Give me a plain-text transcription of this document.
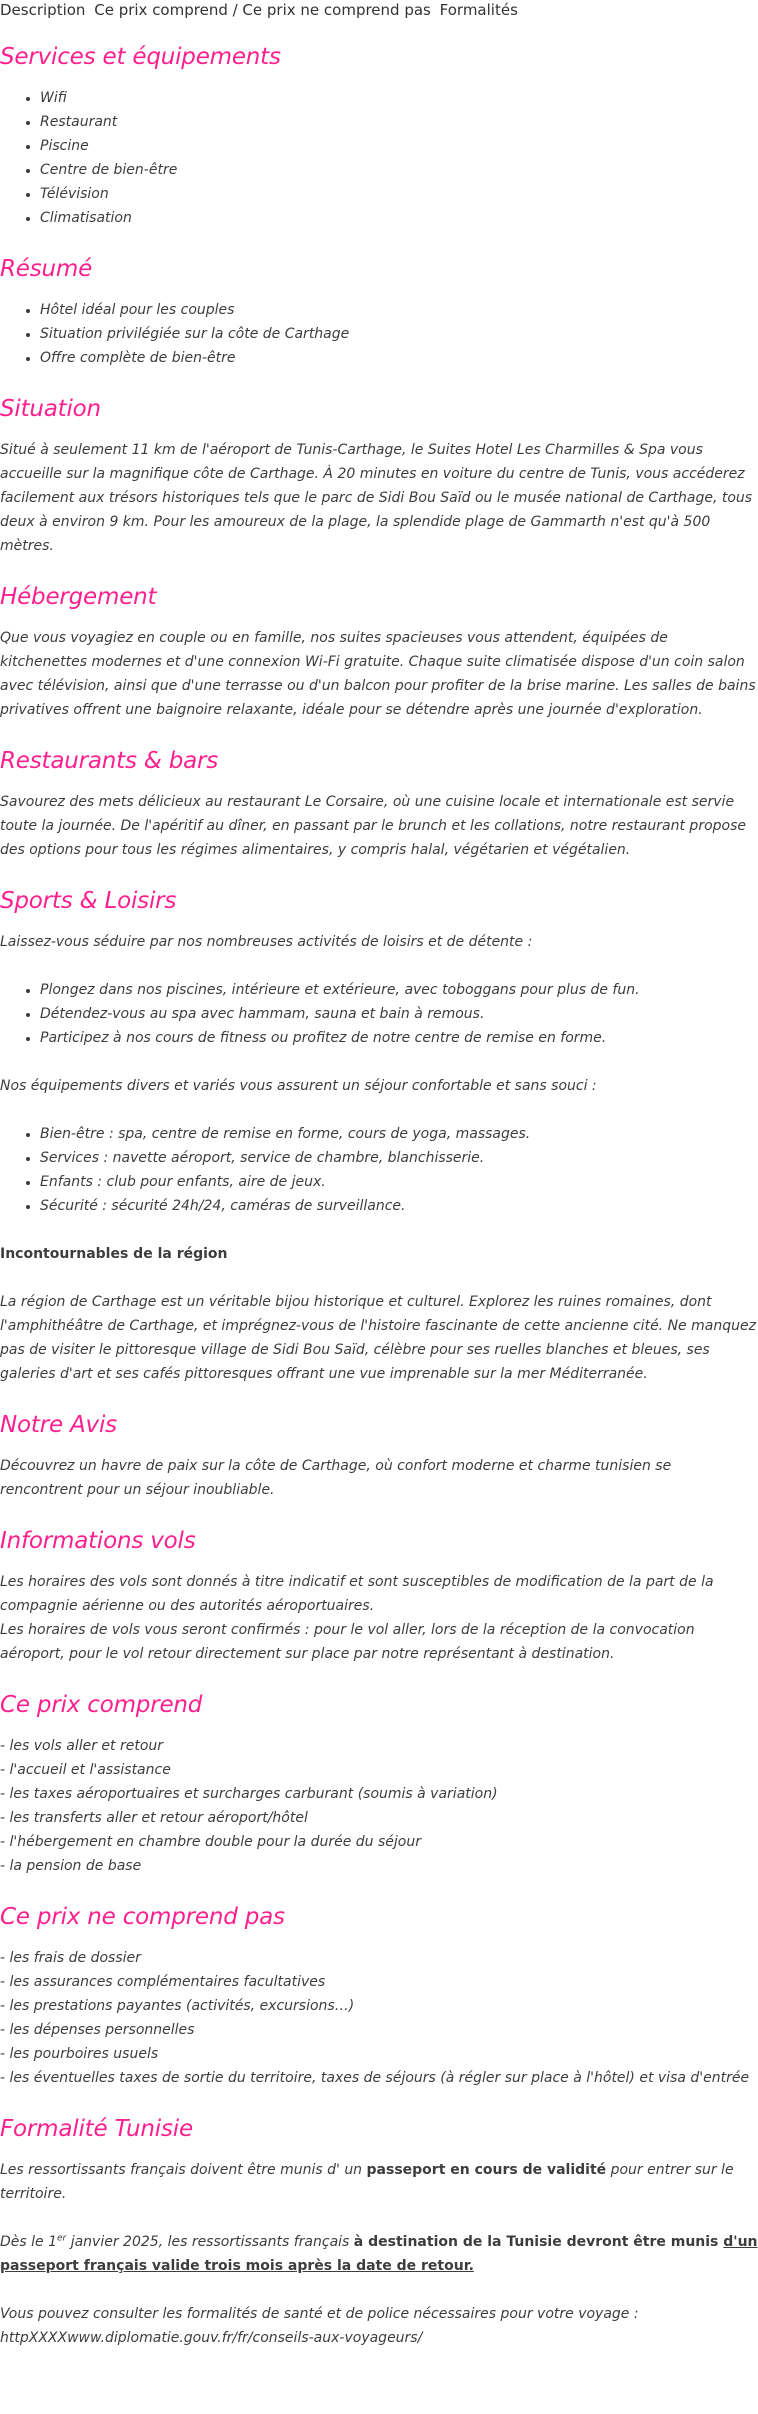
Description Ce prix comprend / Ce prix ne comprend pas Formalités
Services et équipements
• Wifi
• Restaurant
• Piscine
• Centre de bien-être
• Télévision
• Climatisation
Résumé
• Hôtel idéal pour les couples
• Situation privilégiée sur la côte de Carthage
• Offre complète de bien-être
Situation

Situé à seulement 11 km de l'aéroport de Tunis-Carthage, le Suites Hotel Les Charmilles & Spa vous accueille sur la magnifique côte de Carthage. À 20 minutes en voiture du centre de Tunis, vous accéderez facilement aux trésors historiques tels que le parc de Sidi Bou Saïd ou le musée national de Carthage, tous deux à environ 9 km. Pour les amoureux de la plage, la splendide plage de Gammarth n'est qu'à 500 mètres.

Hébergement

Que vous voyagiez en couple ou en famille, nos suites spacieuses vous attendent, équipées de kitchenettes modernes et d'une connexion Wi-Fi gratuite. Chaque suite climatisée dispose d'un coin salon avec télévision, ainsi que d'une terrasse ou d'un balcon pour profiter de la brise marine. Les salles de bains privatives offrent une baignoire relaxante, idéale pour se détendre après une journée d'exploration.

Restaurants & bars

Savourez des mets délicieux au restaurant Le Corsaire, où une cuisine locale et internationale est servie toute la journée. De l'apéritif au dîner, en passant par le brunch et les collations, notre restaurant propose des options pour tous les régimes alimentaires, y compris halal, végétarien et végétalien.

Sports & Loisirs

Laissez-vous séduire par nos nombreuses activités de loisirs et de détente :

• Plongez dans nos piscines, intérieure et extérieure, avec toboggans pour plus de fun.
• Détendez-vous au spa avec hammam, sauna et bain à remous.
• Participez à nos cours de fitness ou profitez de notre centre de remise en forme.

Nos équipements divers et variés vous assurent un séjour confortable et sans souci :

• Bien-être : spa, centre de remise en forme, cours de yoga, massages.
• Services : navette aéroport, service de chambre, blanchisserie.
• Enfants : club pour enfants, aire de jeux.
• Sécurité : sécurité 24h/24, caméras de surveillance.
Incontournables de la région

La région de Carthage est un véritable bijou historique et culturel. Explorez les ruines romaines, dont l'amphithéâtre de Carthage, et imprégnez-vous de l'histoire fascinante de cette ancienne cité. Ne manquez pas de visiter le pittoresque village de Sidi Bou Saïd, célèbre pour ses ruelles blanches et bleues, ses galeries d'art et ses cafés pittoresques offrant une vue imprenable sur la mer Méditerranée.

Notre Avis

Découvrez un havre de paix sur la côte de Carthage, où confort moderne et charme tunisien se rencontrent pour un séjour inoubliable.

Informations vols

Les horaires des vols sont donnés à titre indicatif et sont susceptibles de modification de la part de la compagnie aérienne ou des autorités aéroportuaires.

Les horaires de vols vous seront confirmés : pour le vol aller, lors de la réception de la convocation aéroport, pour le vol retour directement sur place par notre représentant à destination.

Ce prix comprend

- les vols aller et retour

- l'accueil et l'assistance

- les taxes aéroportuaires et surcharges carburant (soumis à variation)

- les transferts aller et retour aéroport/hôtel

- l'hébergement en chambre double pour la durée du séjour

- la pension de base

Ce prix ne comprend pas

- les frais de dossier

- les assurances complémentaires facultatives

- les prestations payantes (activités, excursions…)

- les dépenses personnelles

- les pourboires usuels

- les éventuelles taxes de sortie du territoire, taxes de séjours (à régler sur place à l'hôtel) et visa d'entrée

Formalité Tunisie

Les ressortissants français doivent être munis d' un passeport en cours de validité pour entrer sur le territoire.

Dès le 1er janvier 2025, les ressortissants français à destination de la Tunisie devront être munis d'un passeport français valide trois mois après la date de retour.

Vous pouvez consulter les formalités de santé et de police nécessaires pour votre voyage :

httpXXXXwww.diplomatie.gouv.fr/fr/conseils-aux-voyageurs/
